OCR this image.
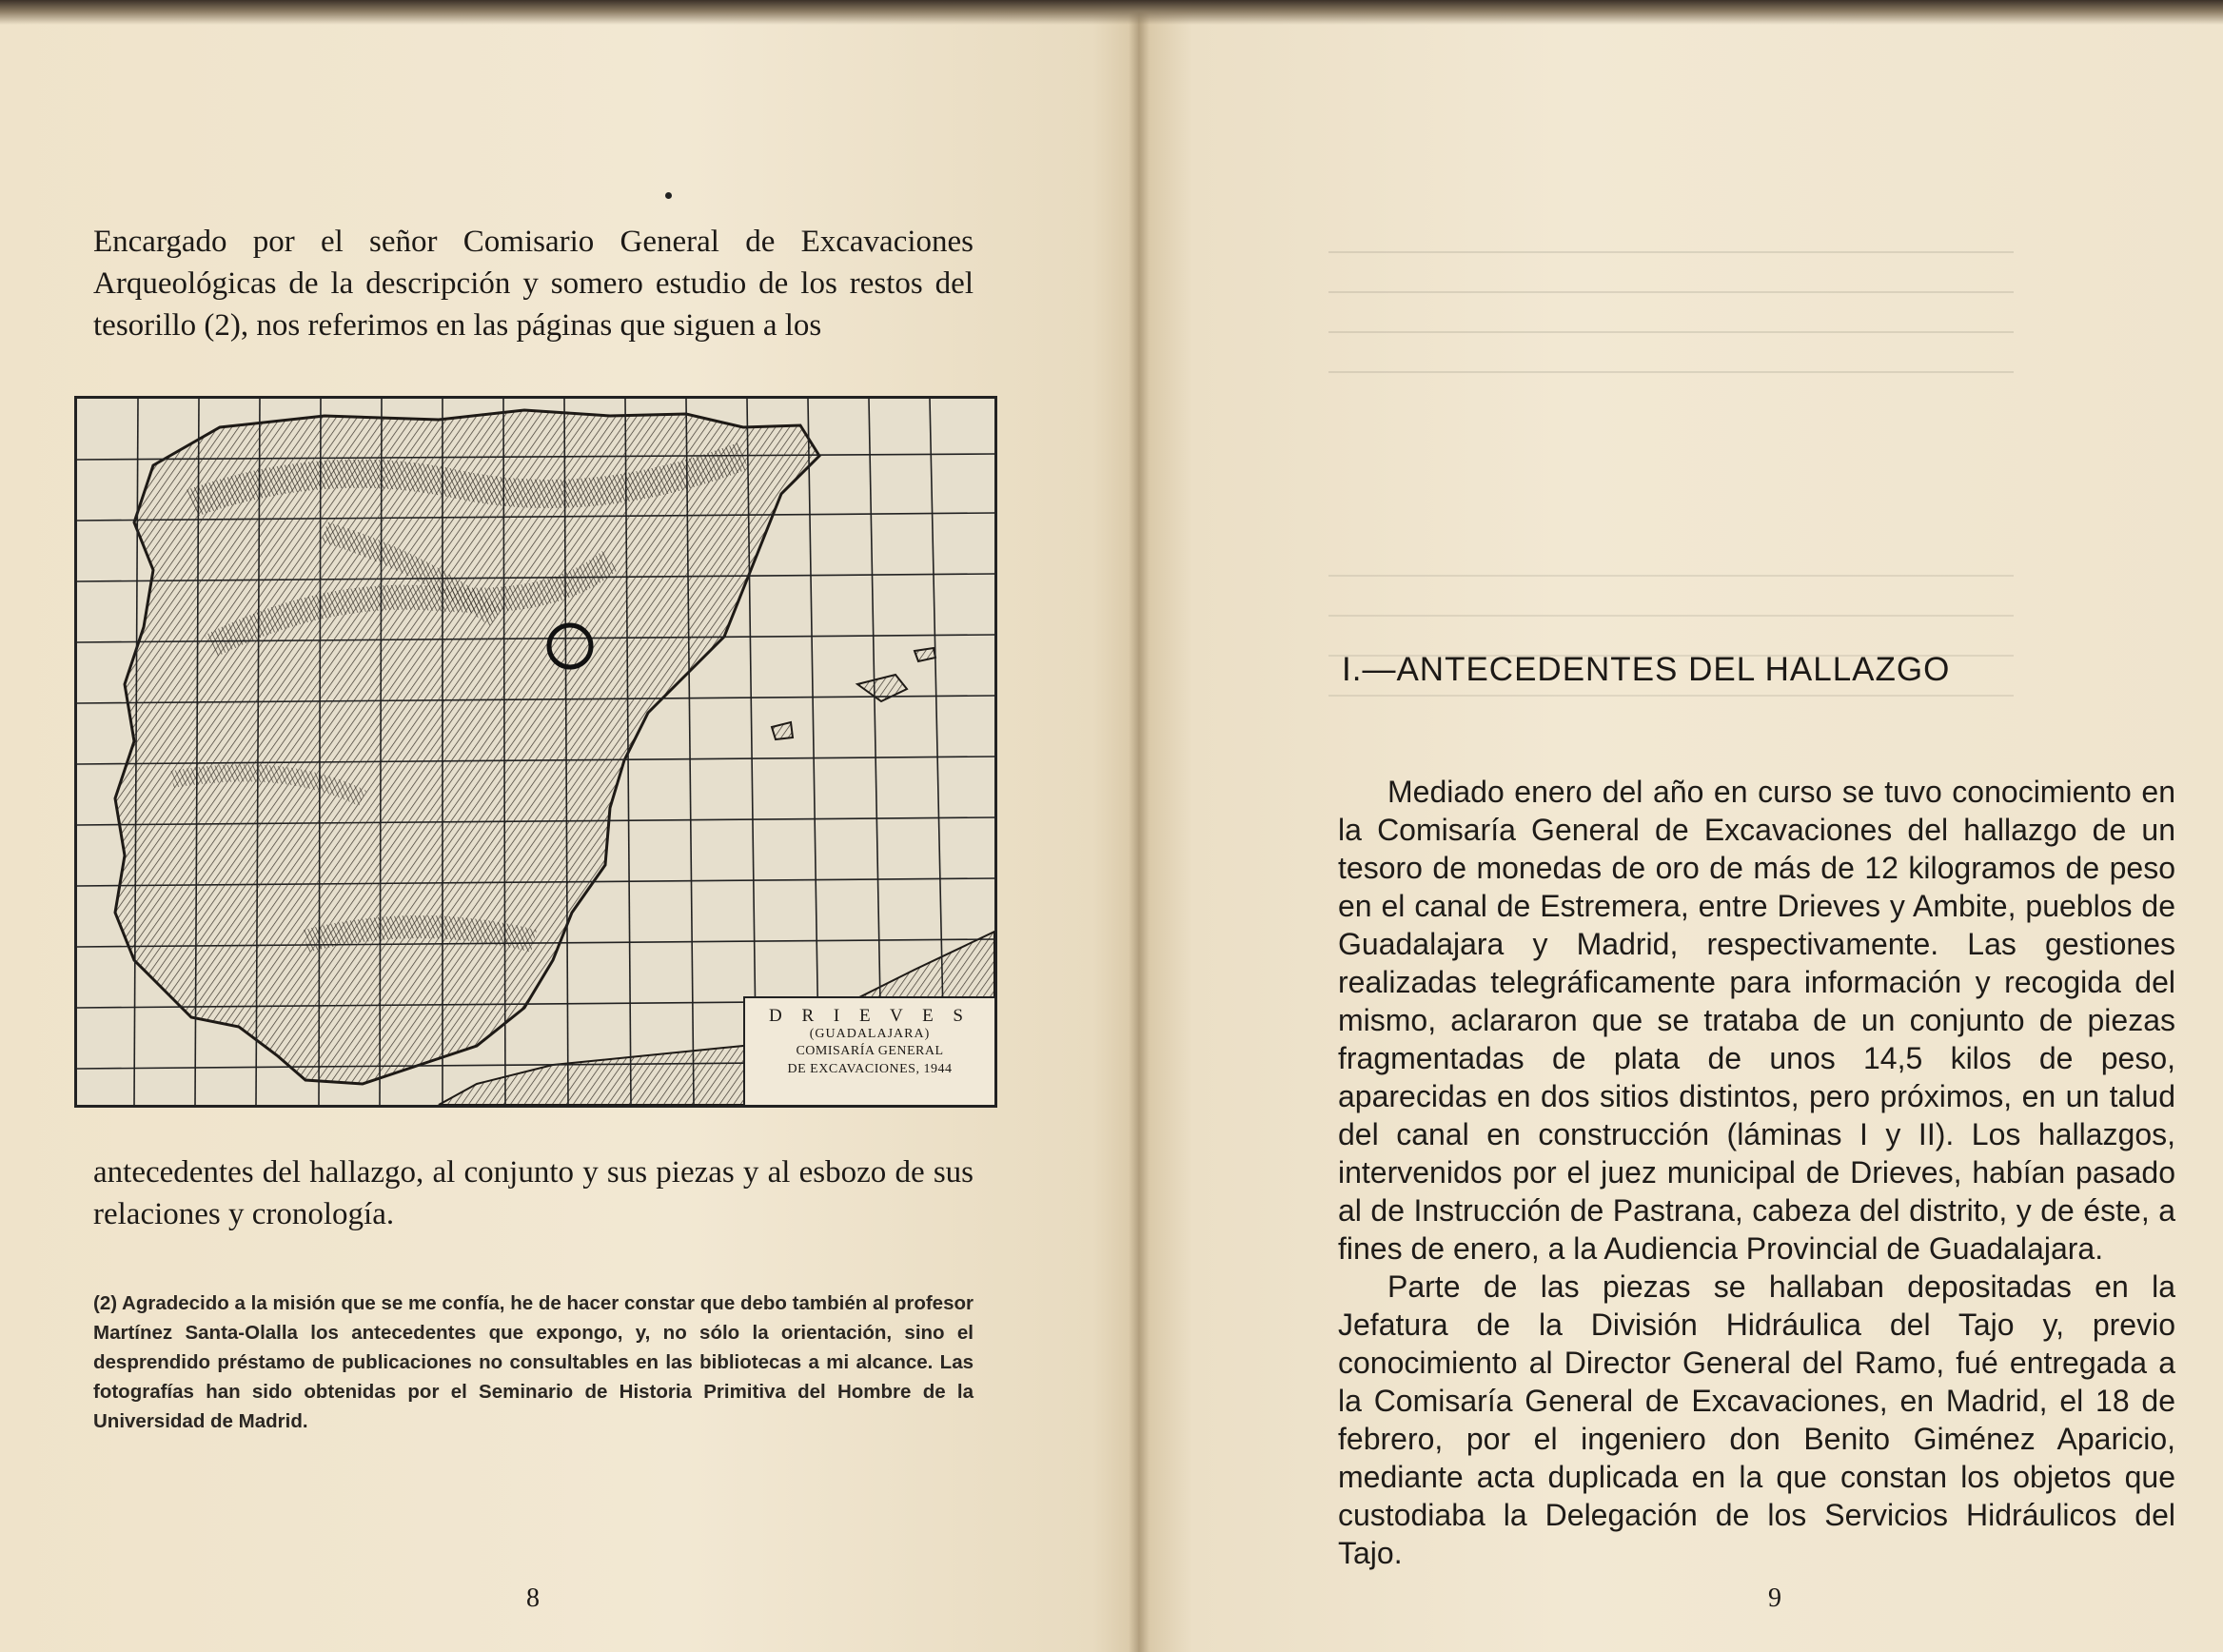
Encargado por el señor Comisario General de Excavaciones Arqueológicas de la descripción y somero estudio de los restos del tesorillo (2), nos referimos en las páginas que siguen a los
D R I E V E S
(GUADALAJARA)
COMISARÍA GENERAL
DE EXCAVACIONES, 1944
antecedentes del hallazgo, al conjunto y sus piezas y al esbozo de sus relaciones y cronología.
(2) Agradecido a la misión que se me confía, he de hacer constar que debo también al profesor Martínez Santa-Olalla los antecedentes que expongo, y, no sólo la orientación, sino el desprendido préstamo de publicaciones no consultables en las bibliotecas a mi alcance. Las fotografías han sido obtenidas por el Seminario de Historia Primitiva del Hombre de la Universidad de Madrid.
8
I.—ANTECEDENTES DEL HALLAZGO

Mediado enero del año en curso se tuvo conocimiento en la Comisaría General de Excavaciones del hallazgo de un tesoro de monedas de oro de más de 12 kilogramos de peso en el canal de Estremera, entre Drieves y Ambite, pueblos de Guadalajara y Madrid, respectivamente. Las gestiones realizadas telegráficamente para información y recogida del mismo, aclararon que se trataba de un conjunto de piezas fragmentadas de plata de unos 14,5 kilos de peso, aparecidas en dos sitios distintos, pero próximos, en un talud del canal en construcción (láminas I y II). Los hallazgos, intervenidos por el juez municipal de Drieves, habían pasado al de Instrucción de Pastrana, cabeza del distrito, y de éste, a fines de enero, a la Audiencia Provincial de Guadalajara.

Parte de las piezas se hallaban depositadas en la Jefatura de la División Hidráulica del Tajo y, previo conocimiento al Director General del Ramo, fué entregada a la Comisaría General de Excavaciones, en Madrid, el 18 de febrero, por el ingeniero don Benito Giménez Aparicio, mediante acta duplicada en la que constan los objetos que custodiaba la Delegación de los Servicios Hidráulicos del Tajo.

9
